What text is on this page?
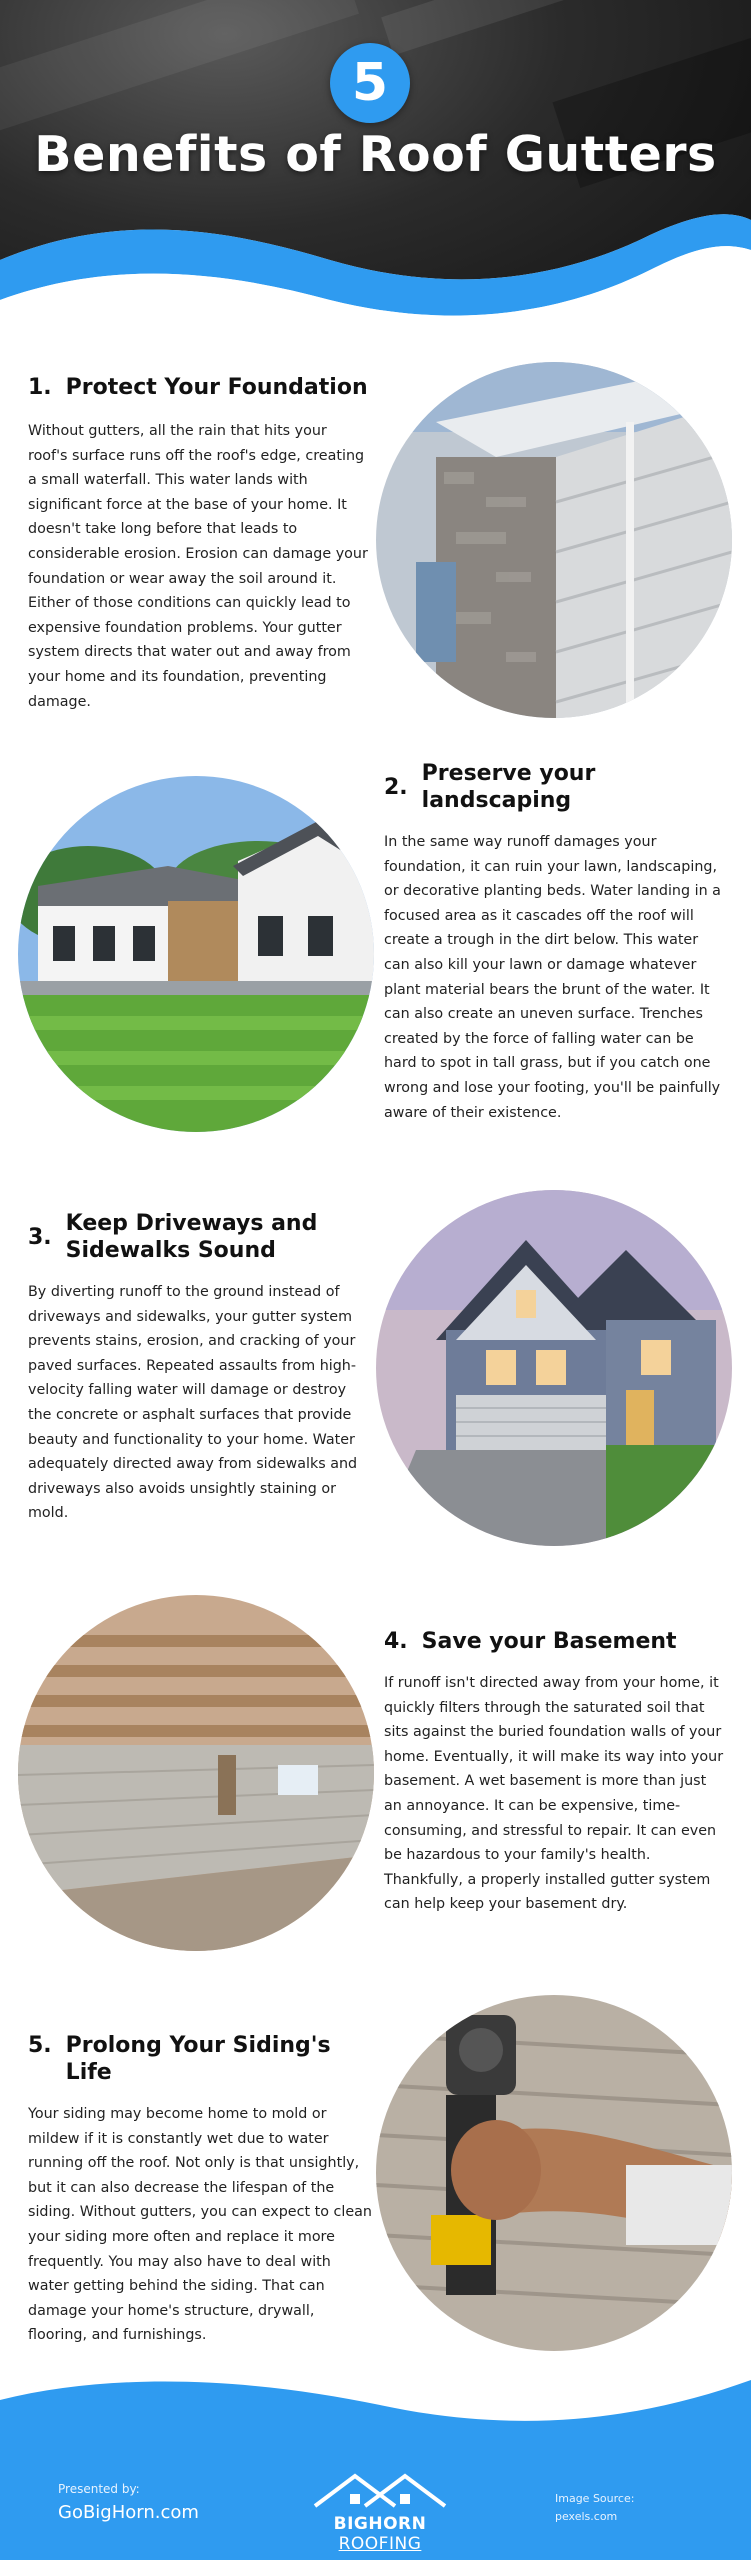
5
Benefits of Roof Gutters
1. Protect Your Foundation

Without gutters, all the rain that hits your roof's surface runs off the roof's edge, creating a small waterfall. This water lands with significant force at the base of your home. It doesn't take long before that leads to considerable erosion. Erosion can damage your foundation or wear away the soil around it. Either of those conditions can quickly lead to expensive foundation problems. Your gutter system directs that water out and away from your home and its foundation, preventing damage.

2.
Preserve your landscaping

In the same way runoff damages your foundation, it can ruin your lawn, landscaping, or decorative planting beds. Water landing in a focused area as it cascades off the roof will create a trough in the dirt below. This water can also kill your lawn or damage whatever plant material bears the brunt of the water. It can also create an uneven surface. Trenches created by the force of falling water can be hard to spot in tall grass, but if you catch one wrong and lose your footing, you'll be painfully aware of their existence.

3.
Keep Driveways and Sidewalks Sound

By diverting runoff to the ground instead of driveways and sidewalks, your gutter system prevents stains, erosion, and cracking of your paved surfaces. Repeated assaults from high-velocity falling water will damage or destroy the concrete or asphalt surfaces that provide beauty and functionality to your home. Water adequately directed away from sidewalks and driveways also avoids unsightly staining or mold.

4. Save your Basement

If runoff isn't directed away from your home, it quickly filters through the saturated soil that sits against the buried foundation walls of your home. Eventually, it will make its way into your basement. A wet basement is more than just an annoyance. It can be expensive, time-consuming, and stressful to repair. It can even be hazardous to your family's health. Thankfully, a properly installed gutter system can help keep your basement dry.

5. Prolong Your Siding's Life

Your siding may become home to mold or mildew if it is constantly wet due to water running off the roof. Not only is that unsightly, but it can also decrease the lifespan of the siding. Without gutters, you can expect to clean your siding more often and replace it more frequently. You may also have to deal with water getting behind the siding. That can damage your home's structure, drywall, flooring, and furnishings.

Presented by:
GoBigHorn.com
BIGHORN ROOFING
Image Source:
pexels.com
